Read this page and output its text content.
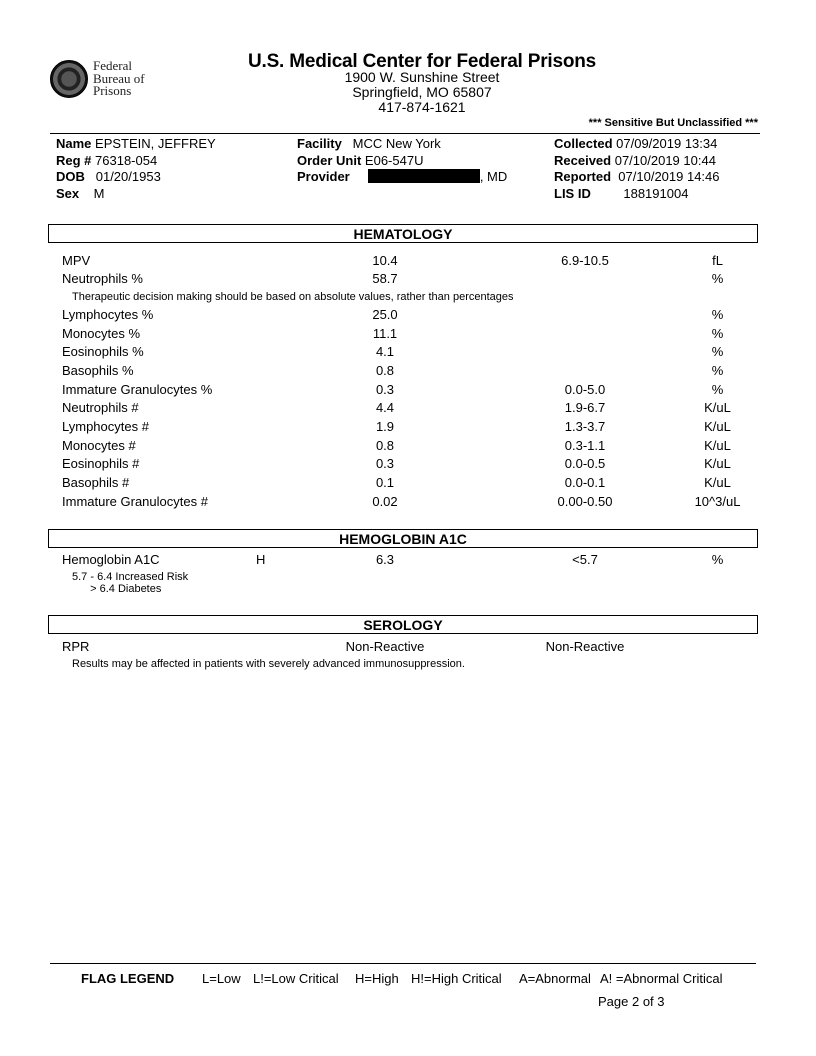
Federal
Bureau of
Prisons
U.S. Medical Center for Federal Prisons
1900 W. Sunshine Street
Springfield, MO 65807
417-874-1621
*** Sensitive But Unclassified ***
Name EPSTEIN, JEFFREY
Reg # 76318-054
DOB 01/20/1953
Sex M
Facility MCC New York
Order Unit E06-547U
Provider	, MD
Collected 07/09/2019 13:34
Received 07/10/2019 10:44
Reported 07/10/2019 14:46
LIS ID	188191004
HEMATOLOGY
MPV	10.4	6.9-10.5	fL
Neutrophils %	58.7	%
Therapeutic decision making should be based on absolute values, rather than percentages
Lymphocytes %	25.0	%
Monocytes %	11.1	%
Eosinophils %	4.1	%
Basophils %	0.8	%
Immature Granulocytes %	0.3	0.0-5.0	%
Neutrophils #	4.4	1.9-6.7	K/uL
Lymphocytes #	1.9	1.3-3.7	K/uL
Monocytes #	0.8	0.3-1.1	K/uL
Eosinophils #	0.3	0.0-0.5	K/uL
Basophils #	0.1	0.0-0.1	K/uL
Immature Granulocytes #	0.02	0.00-0.50	10^3/uL
HEMOGLOBIN A1C
Hemoglobin A1C	H	6.3	<5.7	%
5.7 - 6.4 Increased Risk
> 6.4 Diabetes
SEROLOGY
RPR	Non-Reactive	Non-Reactive
Results may be affected in patients with severely advanced immunosuppression.
FLAG LEGEND L=Low L!=Low Critical H=High H!=High Critical A=Abnormal A! =Abnormal Critical
Page 2 of 3
